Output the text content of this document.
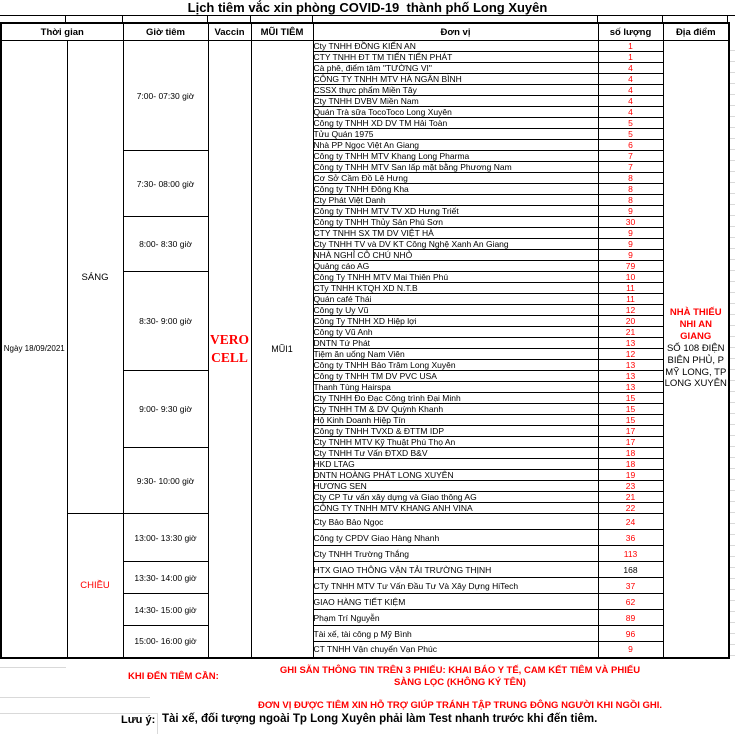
Lịch tiêm vắc xin phòng COVID-19  thành phố Long Xuyên
Thời gian		Giờ tiêm	Vaccin	MŨI TIÊM	Đơn vị	số lượng	Địa điểm
Ngày 18/09/2021	SÁNG	7:00- 07:30 giờ	VERO CELL	MŨI1	Cty TNHH ĐỒNG KIẾN AN	1	NHÀ THIẾU NHI AN GIANG
SỐ 108 ĐIỆN BIÊN PHỦ, P MỸ LONG, TP LONG XUYÊN

					CTY TNHH ĐT TM TIẾN TIẾN PHÁT	1	
					Cà phê, điểm tâm "TƯỜNG VI"	4	
					CÔNG TY TNHH MTV HÀ NGÂN BÌNH	4	
					CSSX thực phẩm Miền Tây	4	
					Cty TNHH DVBV Miền Nam	4	
					Quán Trà sữa TocoToco Long Xuyên	4	
					Công ty TNHH XD DV TM Hải Toàn	5	
					Tửu Quán 1975	5	
					Nhà PP Ngọc Việt An Giang	6	
		7:30- 08:00 giờ			Công ty TNHH MTV Khang Long Pharma	7	
					Công ty TNHH MTV San lấp mặt bằng Phương Nam	7	
					Cơ Sở Cầm Đồ Lê Hưng	8	
					Công ty TNHH Đông Kha	8	
					Cty Phát Việt Danh	8	
					Công ty TNHH MTV TV XD Hưng Triết	9	
		8:00- 8:30 giờ			Công ty TNHH Thủy Sản Phú Sơn	30	
					CTY TNHH SX TM DV VIỆT HÀ	9	
					Cty TNHH TV và DV KT Công Nghệ Xanh An Giang	9	
					NHÀ NGHỈ CÔ CHÚ NHỎ	9	
					Quảng cáo AG	79	
		8:30- 9:00 giờ			Công Ty TNHH MTV Mai Thiên Phú	10	
					CTy TNHH KTQH XD N.T.B	11	
					Quán café Thái	11	
					Công ty Uy Vũ	12	
					Công Ty TNHH XD Hiệp lợi	20	
					Công ty Vũ Anh	21	
					DNTN Tứ Phát	13	
					Tiệm ăn uống Nam Viên	12	
					Công ty TNHH Bảo Trâm Long Xuyên	13	
		9:00- 9:30 giờ			Công ty TNHH TM DV PVC USA	13	
					Thanh Tùng Hairspa	13	
					Cty TNHH Đo Đạc Công trình Đại Minh	15	
					Cty TNHH TM & DV Quỳnh Khanh	15	
					Hộ Kinh Doanh Hiệp Tín	15	
					Công ty TNHH TVXD & ĐTTM IDP	17	
					Cty TNHH MTV Kỹ Thuật Phú Thọ An	17	
		9:30- 10:00 giờ			Cty TNHH Tư Vấn ĐTXD B&V	18	
					HKD LTAG	18	
					DNTN HOÀNG PHÁT LONG XUYÊN	19	
					HƯƠNG SEN	23	
					Cty CP Tư vấn xây dựng và Giao thông AG	21	
					CÔNG TY TNHH MTV KHANG ANH VINA	22	
	CHIỀU	13:00- 13:30 giờ			Cty Bảo Bảo Ngọc	24	
					Công ty CPDV Giao Hàng Nhanh	36	
					Cty TNHH Trường Thắng	113	
		13:30- 14:00 giờ			HTX GIAO THÔNG VẬN TẢI TRƯỜNG THỊNH	168	
					CTy TNHH MTV Tư Vấn Đầu Tư Và Xây Dựng HiTech	37	
		14:30- 15:00 giờ			GIAO HÀNG TIẾT KIỆM	62	
					Phạm Trí Nguyễn	89	
		15:00- 16:00 giờ			Tài xế, tài công p Mỹ Bình	96	
					CT TNHH Vận chuyển Vạn Phúc	9	
KHI ĐẾN TIÊM CẦN:
GHI SẴN THÔNG TIN TRÊN 3 PHIẾU: KHAI BÁO Y TẾ, CAM KẾT TIÊM VÀ PHIẾU SÀNG LỌC (KHÔNG KÝ TÊN)
ĐƠN VỊ ĐƯỢC TIÊM XIN HỖ TRỢ GIÚP TRÁNH TẬP TRUNG ĐÔNG NGƯỜI KHI NGỒI GHI.
Lưu ý: Tài xế, đối tượng ngoài Tp Long Xuyên phải làm Test nhanh trước khi đến tiêm.
